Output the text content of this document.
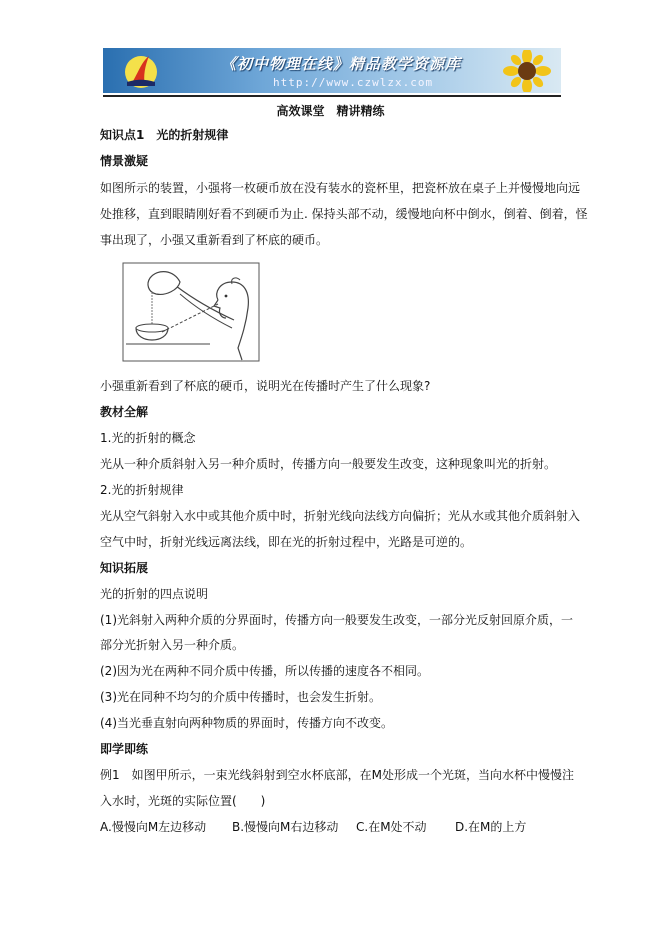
《初中物理在线》精品教学资源库
http://www.czwlzx.com
高效课堂　精讲精练
知识点1　光的折射规律
情景激疑
如图所示的装置，小强将一枚硬币放在没有装水的瓷杯里，把瓷杯放在桌子上并慢慢地向远
处推移，直到眼睛刚好看不到硬币为止. 保持头部不动，缓慢地向杯中倒水，倒着、倒着，怪
事出现了，小强又重新看到了杯底的硬币。
小强重新看到了杯底的硬币，说明光在传播时产生了什么现象?
教材全解
1.光的折射的概念
光从一种介质斜射入另一种介质时，传播方向一般要发生改变，这种现象叫光的折射。
2.光的折射规律
光从空气斜射入水中或其他介质中时，折射光线向法线方向偏折；光从水或其他介质斜射入
空气中时，折射光线远离法线，即在光的折射过程中，光路是可逆的。
知识拓展
光的折射的四点说明
(1)光斜射入两种介质的分界面时，传播方向一般要发生改变，一部分光反射回原介质，一
部分光折射入另一种介质。
(2)因为光在两种不同介质中传播，所以传播的速度各不相同。
(3)光在同种不均匀的介质中传播时，也会发生折射。
(4)当光垂直射向两种物质的界面时，传播方向不改变。
即学即练
例1　如图甲所示，一束光线斜射到空水杯底部，在M处形成一个光斑，当向水杯中慢慢注
入水时，光斑的实际位置(　　)
A.慢慢向M左边移动 B.慢慢向M右边移动 C.在M处不动 D.在M的上方
